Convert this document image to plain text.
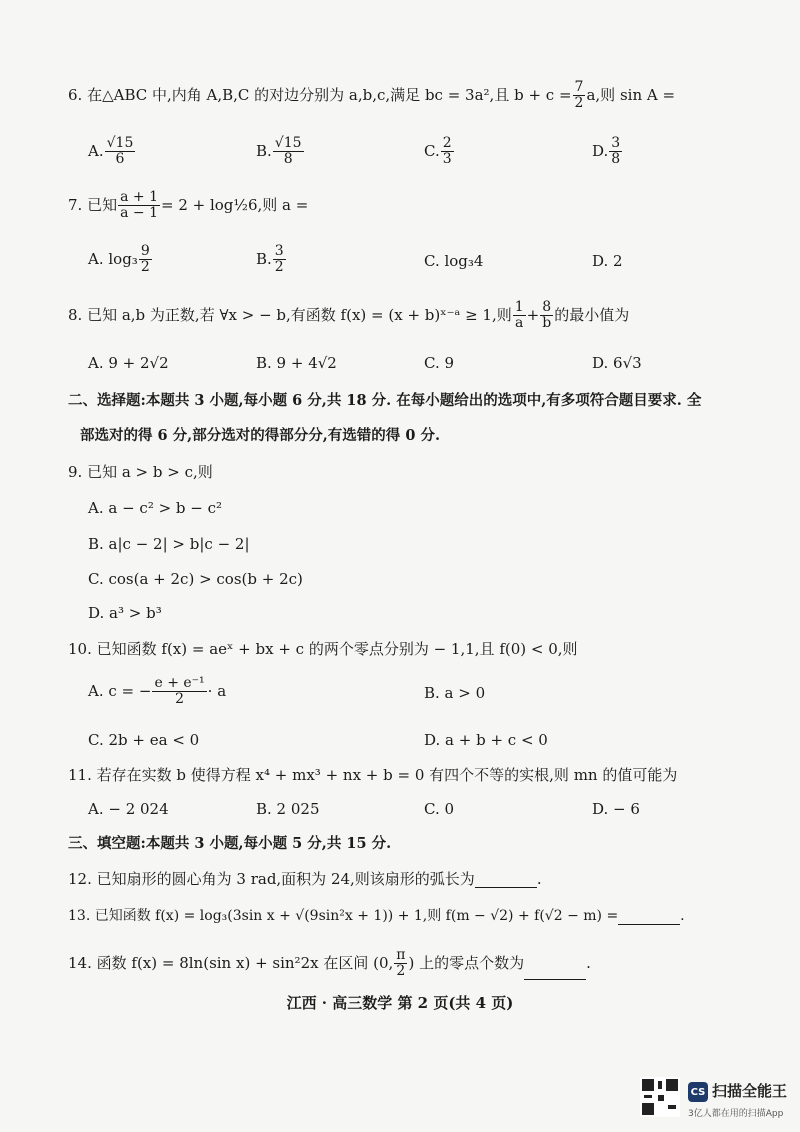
6. 在△ABC 中,内角 A,B,C 的对边分别为 a,b,c,满足 bc = 3a²,且 $b + c = \frac{7}{2} a$,则 sin A =
A. $\frac{√15}{6}$	B. $\frac{√15}{8}$	C. $\frac{2}{3}$	D. $\frac{3}{8}$
7. 已知 $\frac{a + 1}{a - 1} = 2$ + log½6,则 a =
A. $\log_3 \frac{9}{2}$	B. $\frac{3}{2}$	C. log₃4	D. 2
8. 已知 a,b 为正数,若 ∀x > − b,有函数 f(x) = (x + b)ˣ⁻ᵃ ≥ 1,则 $\frac{1}{a} + \frac{8}{b}$ 的最小值为
A. 9 + 2√2	B. 9 + 4√2	C. 9	D. 6√3
二、选择题:本题共 3 小题,每小题 6 分,共 18 分. 在每小题给出的选项中,有多项符合题目要求. 全
部选对的得 6 分,部分选对的得部分分,有选错的得 0 分.
9. 已知 a > b > c,则
A. a − c² > b − c²
B. a|c − 2| > b|c − 2|
C. cos(a + 2c) > cos(b + 2c)
D. a³ > b³
10. 已知函数 f(x) = aeˣ + bx + c 的两个零点分别为 − 1,1,且 f(0) < 0,则
A. c = − $\frac{\text{e + e⁻¹}}{2} \cdot a$	B. a > 0
C. 2b + ea < 0	D. a + b + c < 0
11. 若存在实数 b 使得方程 x⁴ + mx³ + nx + b = 0 有四个不等的实根,则 mn 的值可能为
A. − 2 024	B. 2 025	C. 0	D. − 6
三、填空题:本题共 3 小题,每小题 5 分,共 15 分.
12. 已知扇形的圆心角为 3 rad,面积为 24,则该扇形的弧长为	.
13. 已知函数 f(x) = log₃(3sin x + √(9sin²x + 1)) + 1,则 f(m − √2) + f(√2 − m) =	.
14. 函数 f(x) = 8ln(sin x) + sin²2x 在区间 (0, $\frac{\pi}{2}$ ) 上的零点个数为	.
江西 · 高三数学 第 2 页(共 4 页)
CS 扫描全能王
3亿人都在用的扫描App
